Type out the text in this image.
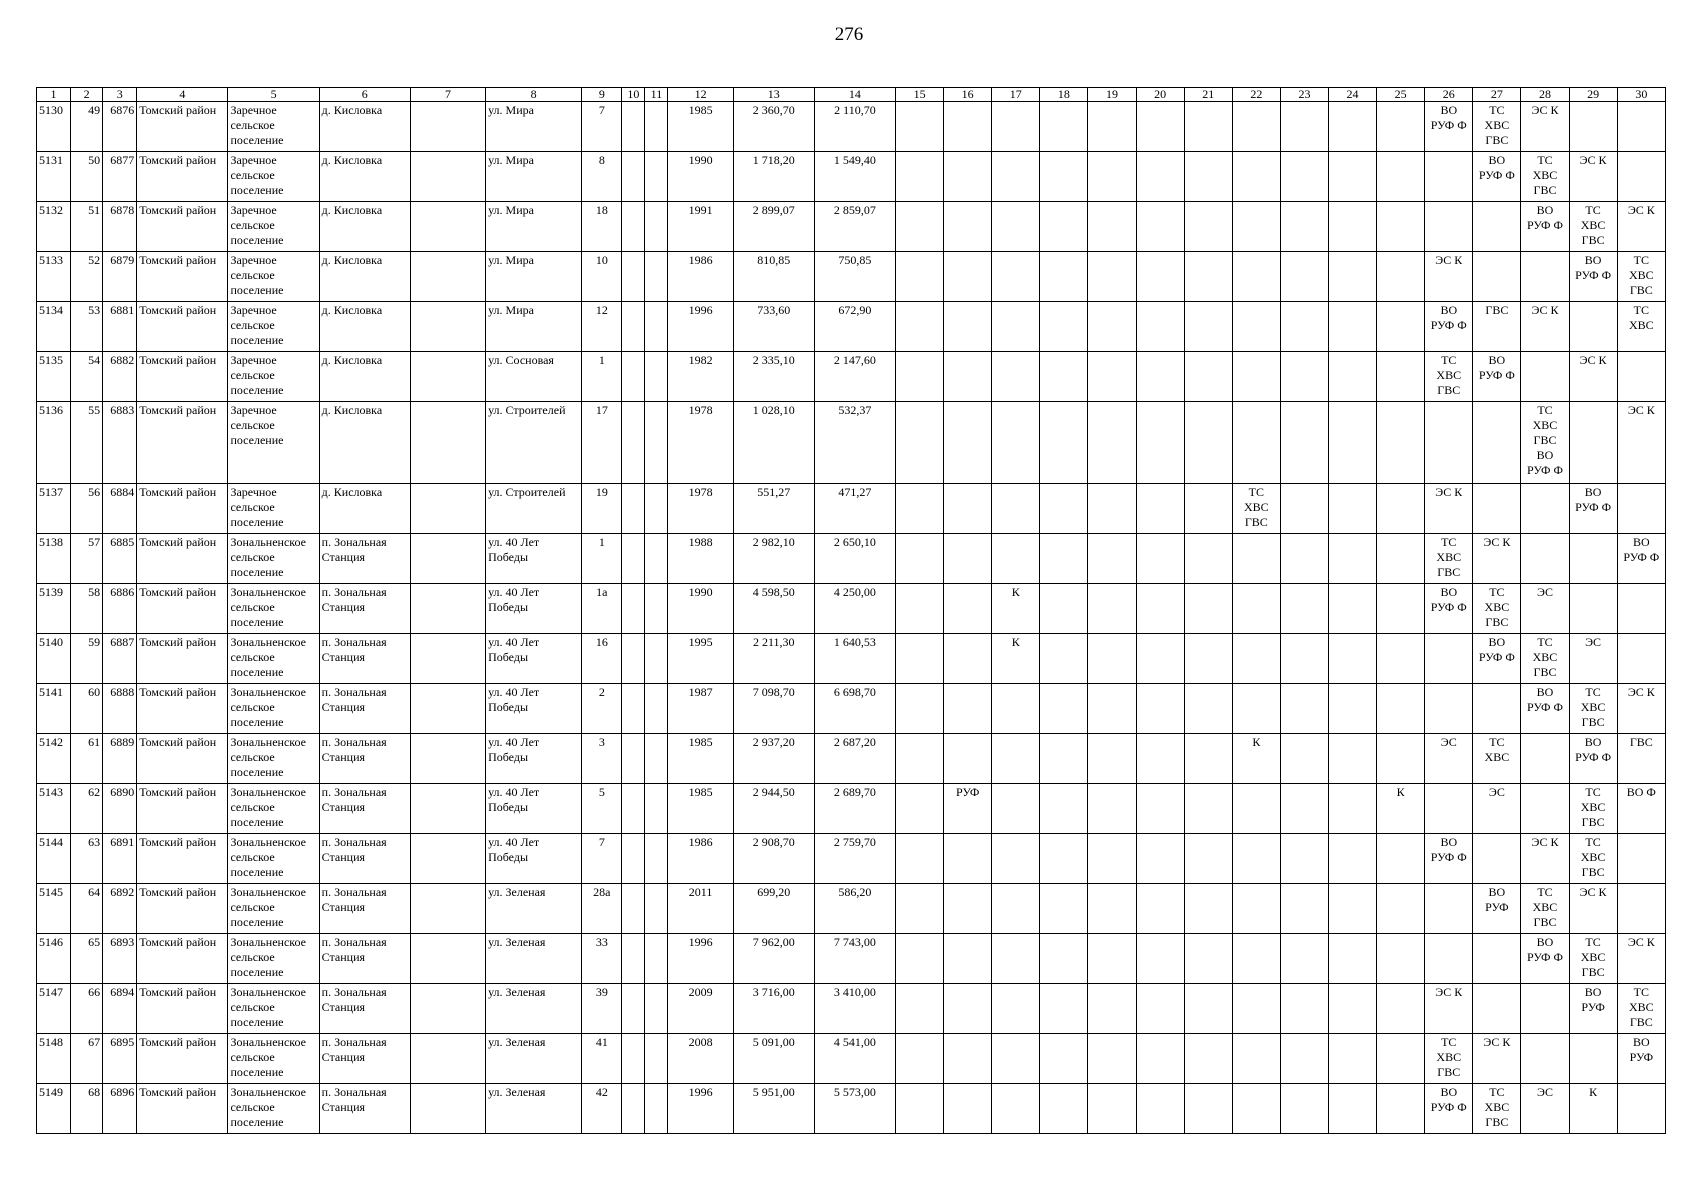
276
1	2	3	4	5	6	7	8	9	10	11	12	13	14	15	16	17	18	19	20	21	22	23	24	25	26	27	28	29	30
5130	49	6876	Томский район	Заречное сельское поселение	д. Кисловка		ул. Мира	7			1985	2 360,70	2 110,70												ВО
РУФ Ф	ТС
ХВС
ГВС	ЭС К		
5131	50	6877	Томский район	Заречное сельское поселение	д. Кисловка		ул. Мира	8			1990	1 718,20	1 549,40													ВО
РУФ Ф	ТС
ХВС
ГВС	ЭС К	
5132	51	6878	Томский район	Заречное сельское поселение	д. Кисловка		ул. Мира	18			1991	2 899,07	2 859,07														ВО
РУФ Ф	ТС
ХВС
ГВС	ЭС К
5133	52	6879	Томский район	Заречное сельское поселение	д. Кисловка		ул. Мира	10			1986	810,85	750,85												ЭС К			ВО
РУФ Ф	ТС
ХВС
ГВС
5134	53	6881	Томский район	Заречное сельское поселение	д. Кисловка		ул. Мира	12			1996	733,60	672,90												ВО
РУФ Ф	ГВС	ЭС К		ТС
ХВС
5135	54	6882	Томский район	Заречное сельское поселение	д. Кисловка		ул. Сосновая	1			1982	2 335,10	2 147,60												ТС
ХВС
ГВС	ВО
РУФ Ф		ЭС К	
5136	55	6883	Томский район	Заречное сельское поселение	д. Кисловка		ул. Строителей	17			1978	1 028,10	532,37														ТС
ХВС
ГВС
ВО
РУФ Ф		ЭС К
5137	56	6884	Томский район	Заречное сельское поселение	д. Кисловка		ул. Строителей	19			1978	551,27	471,27								ТС
ХВС
ГВС				ЭС К			ВО
РУФ Ф	
5138	57	6885	Томский район	Зональненское сельское поселение	п. Зональная Станция		ул. 40 Лет Победы	1			1988	2 982,10	2 650,10												ТС
ХВС
ГВС	ЭС К			ВО
РУФ Ф
5139	58	6886	Томский район	Зональненское сельское поселение	п. Зональная Станция		ул. 40 Лет Победы	1а			1990	4 598,50	4 250,00			К									ВО
РУФ Ф	ТС
ХВС
ГВС	ЭС		
5140	59	6887	Томский район	Зональненское сельское поселение	п. Зональная Станция		ул. 40 Лет Победы	16			1995	2 211,30	1 640,53			К										ВО
РУФ Ф	ТС
ХВС
ГВС	ЭС	
5141	60	6888	Томский район	Зональненское сельское поселение	п. Зональная Станция		ул. 40 Лет Победы	2			1987	7 098,70	6 698,70														ВО
РУФ Ф	ТС
ХВС
ГВС	ЭС К
5142	61	6889	Томский район	Зональненское сельское поселение	п. Зональная Станция		ул. 40 Лет Победы	3			1985	2 937,20	2 687,20								К				ЭС	ТС
ХВС		ВО
РУФ Ф	ГВС
5143	62	6890	Томский район	Зональненское сельское поселение	п. Зональная Станция		ул. 40 Лет Победы	5			1985	2 944,50	2 689,70		РУФ									К		ЭС		ТС
ХВС
ГВС	ВО Ф
5144	63	6891	Томский район	Зональненское сельское поселение	п. Зональная Станция		ул. 40 Лет Победы	7			1986	2 908,70	2 759,70												ВО
РУФ Ф		ЭС К	ТС
ХВС
ГВС	
5145	64	6892	Томский район	Зональненское сельское поселение	п. Зональная Станция		ул. Зеленая	28а			2011	699,20	586,20													ВО
РУФ	ТС
ХВС
ГВС	ЭС К	
5146	65	6893	Томский район	Зональненское сельское поселение	п. Зональная Станция		ул. Зеленая	33			1996	7 962,00	7 743,00														ВО
РУФ Ф	ТС
ХВС
ГВС	ЭС К
5147	66	6894	Томский район	Зональненское сельское поселение	п. Зональная Станция		ул. Зеленая	39			2009	3 716,00	3 410,00												ЭС К			ВО
РУФ	ТС
ХВС
ГВС
5148	67	6895	Томский район	Зональненское сельское поселение	п. Зональная Станция		ул. Зеленая	41			2008	5 091,00	4 541,00												ТС
ХВС
ГВС	ЭС К			ВО
РУФ
5149	68	6896	Томский район	Зональненское сельское поселение	п. Зональная Станция		ул. Зеленая	42			1996	5 951,00	5 573,00												ВО
РУФ Ф	ТС
ХВС
ГВС	ЭС	К	
